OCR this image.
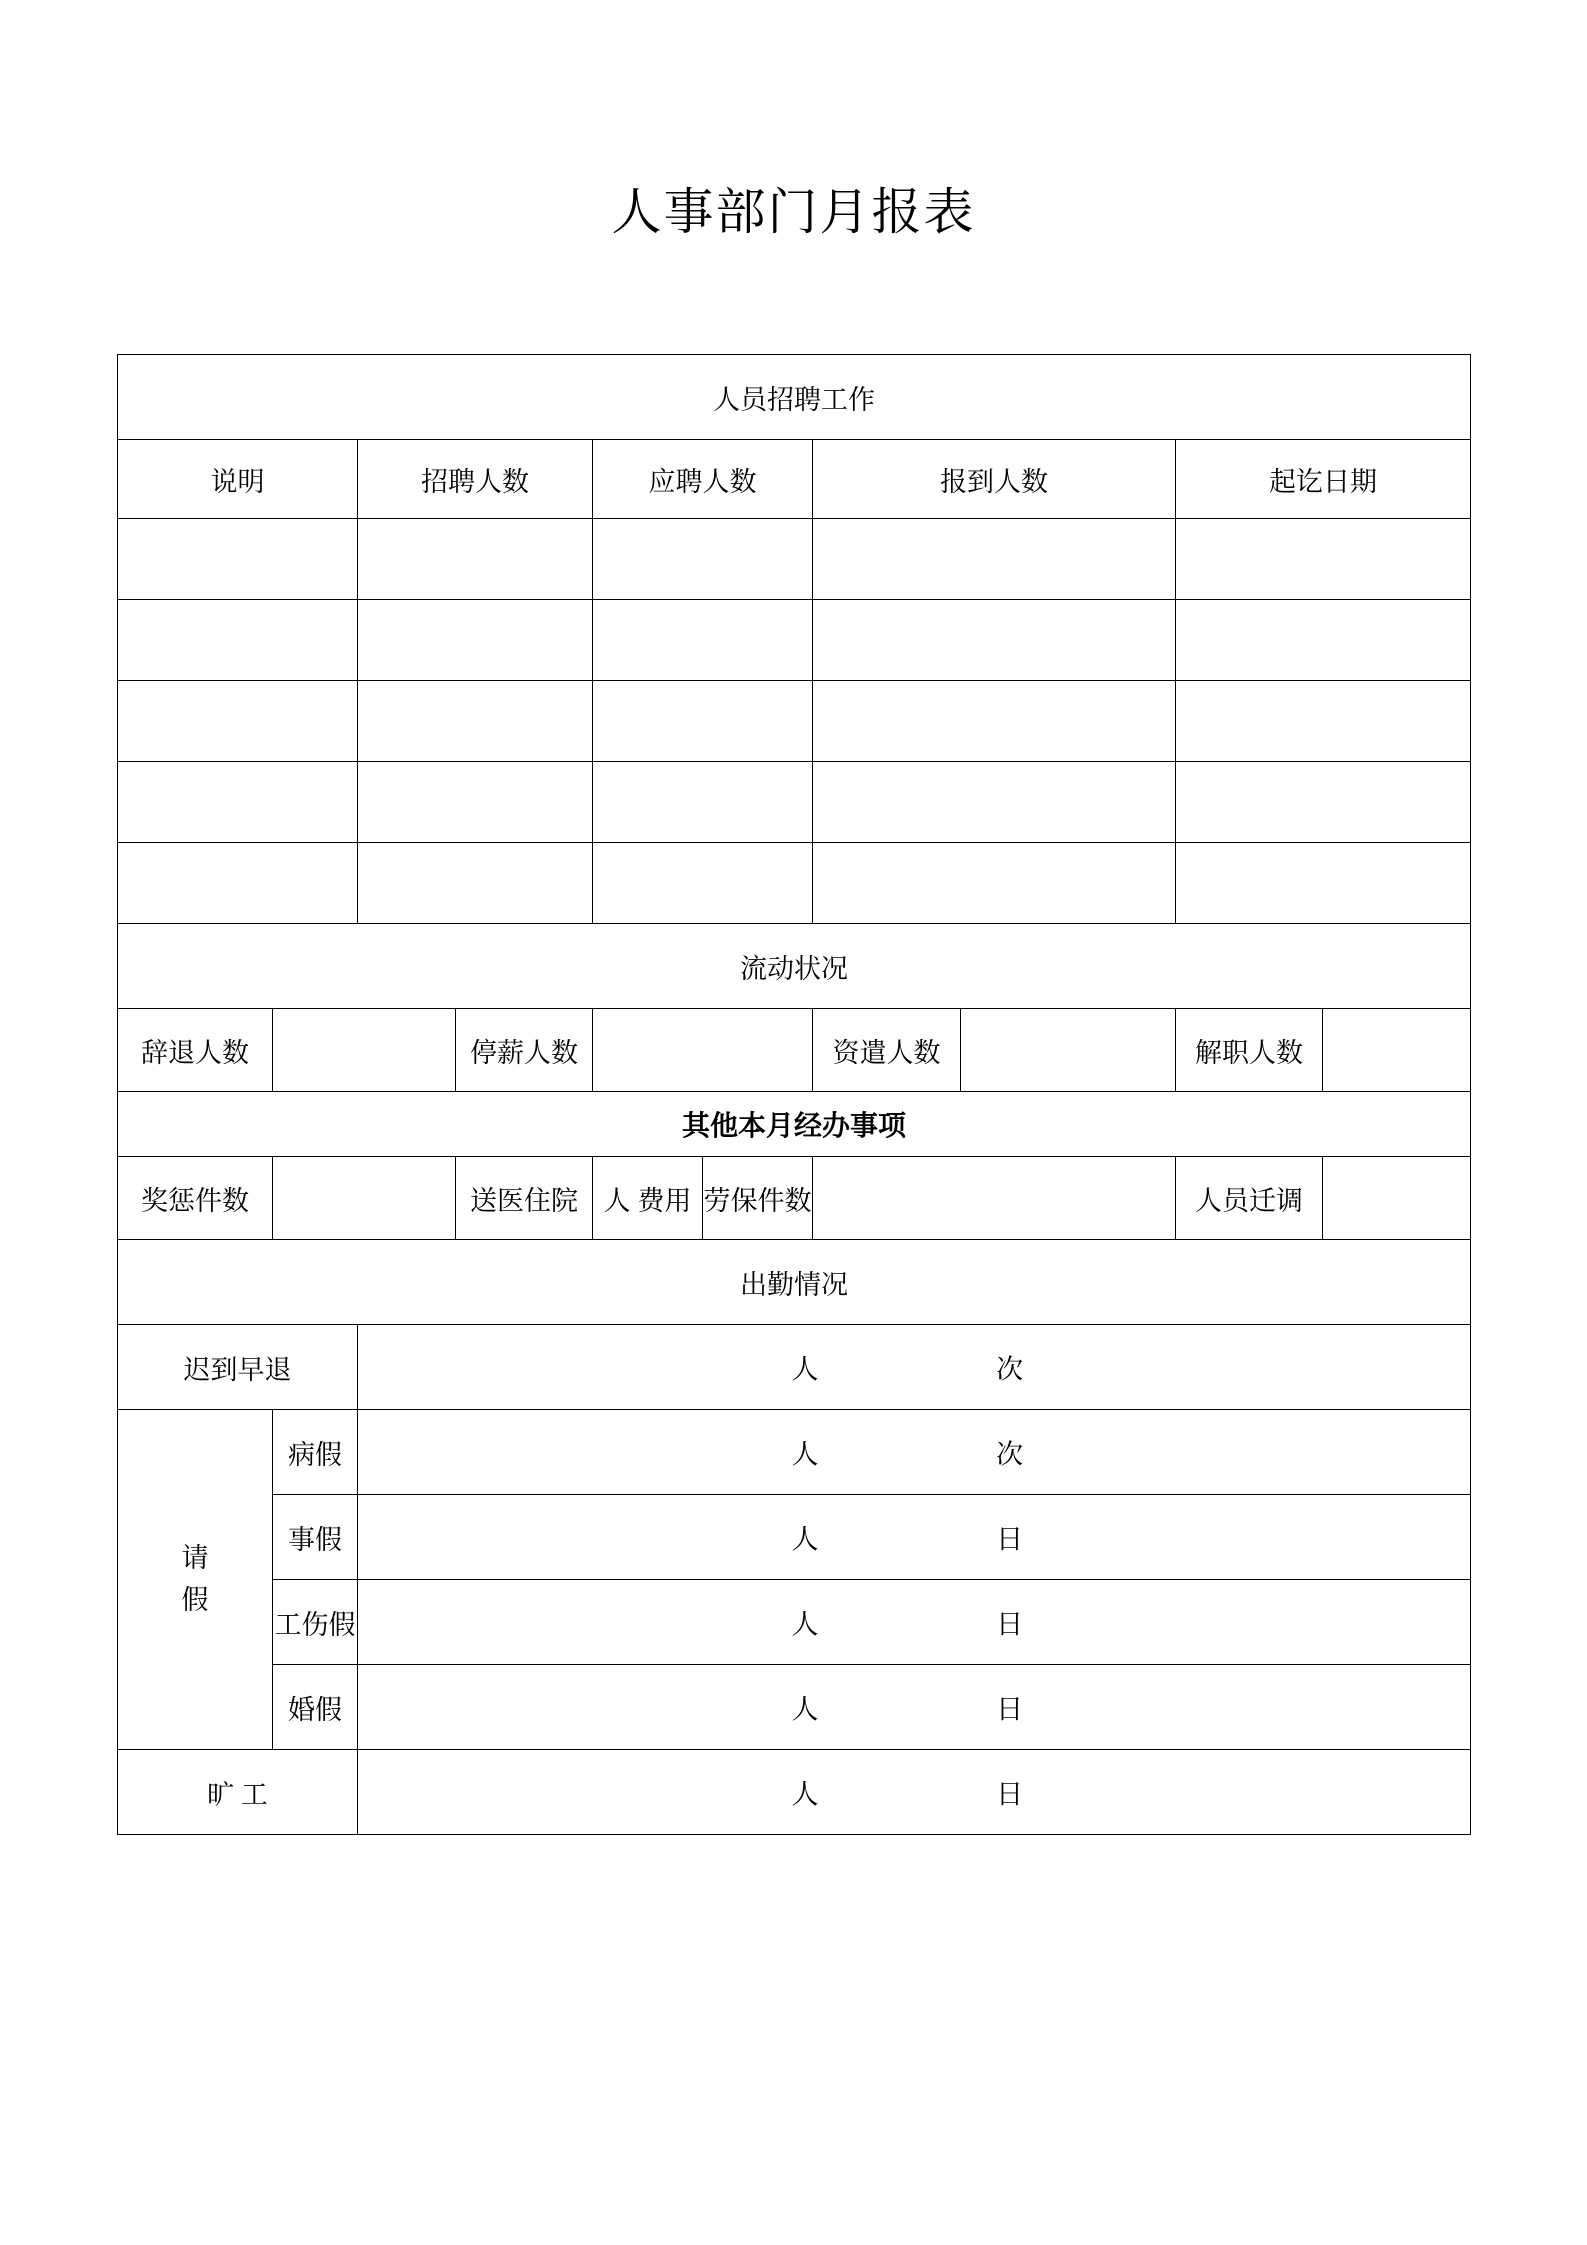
人事部门月报表
人员招聘工作									
说明		招聘人数		应聘人数		报到人数		起讫日期	

流动状况									
辞退人数			停薪人数			资遣人数		解职人数	
其他本月经办事项									
奖惩件数			送医住院	人 费用	劳保件数			人员迁调	
出勤情况									
迟到早退		人 次							

请
假	病假	人 次							

	事假	人 日							

	工伤假	人 日							

	婚假	人 日							

旷 工		人 日							
